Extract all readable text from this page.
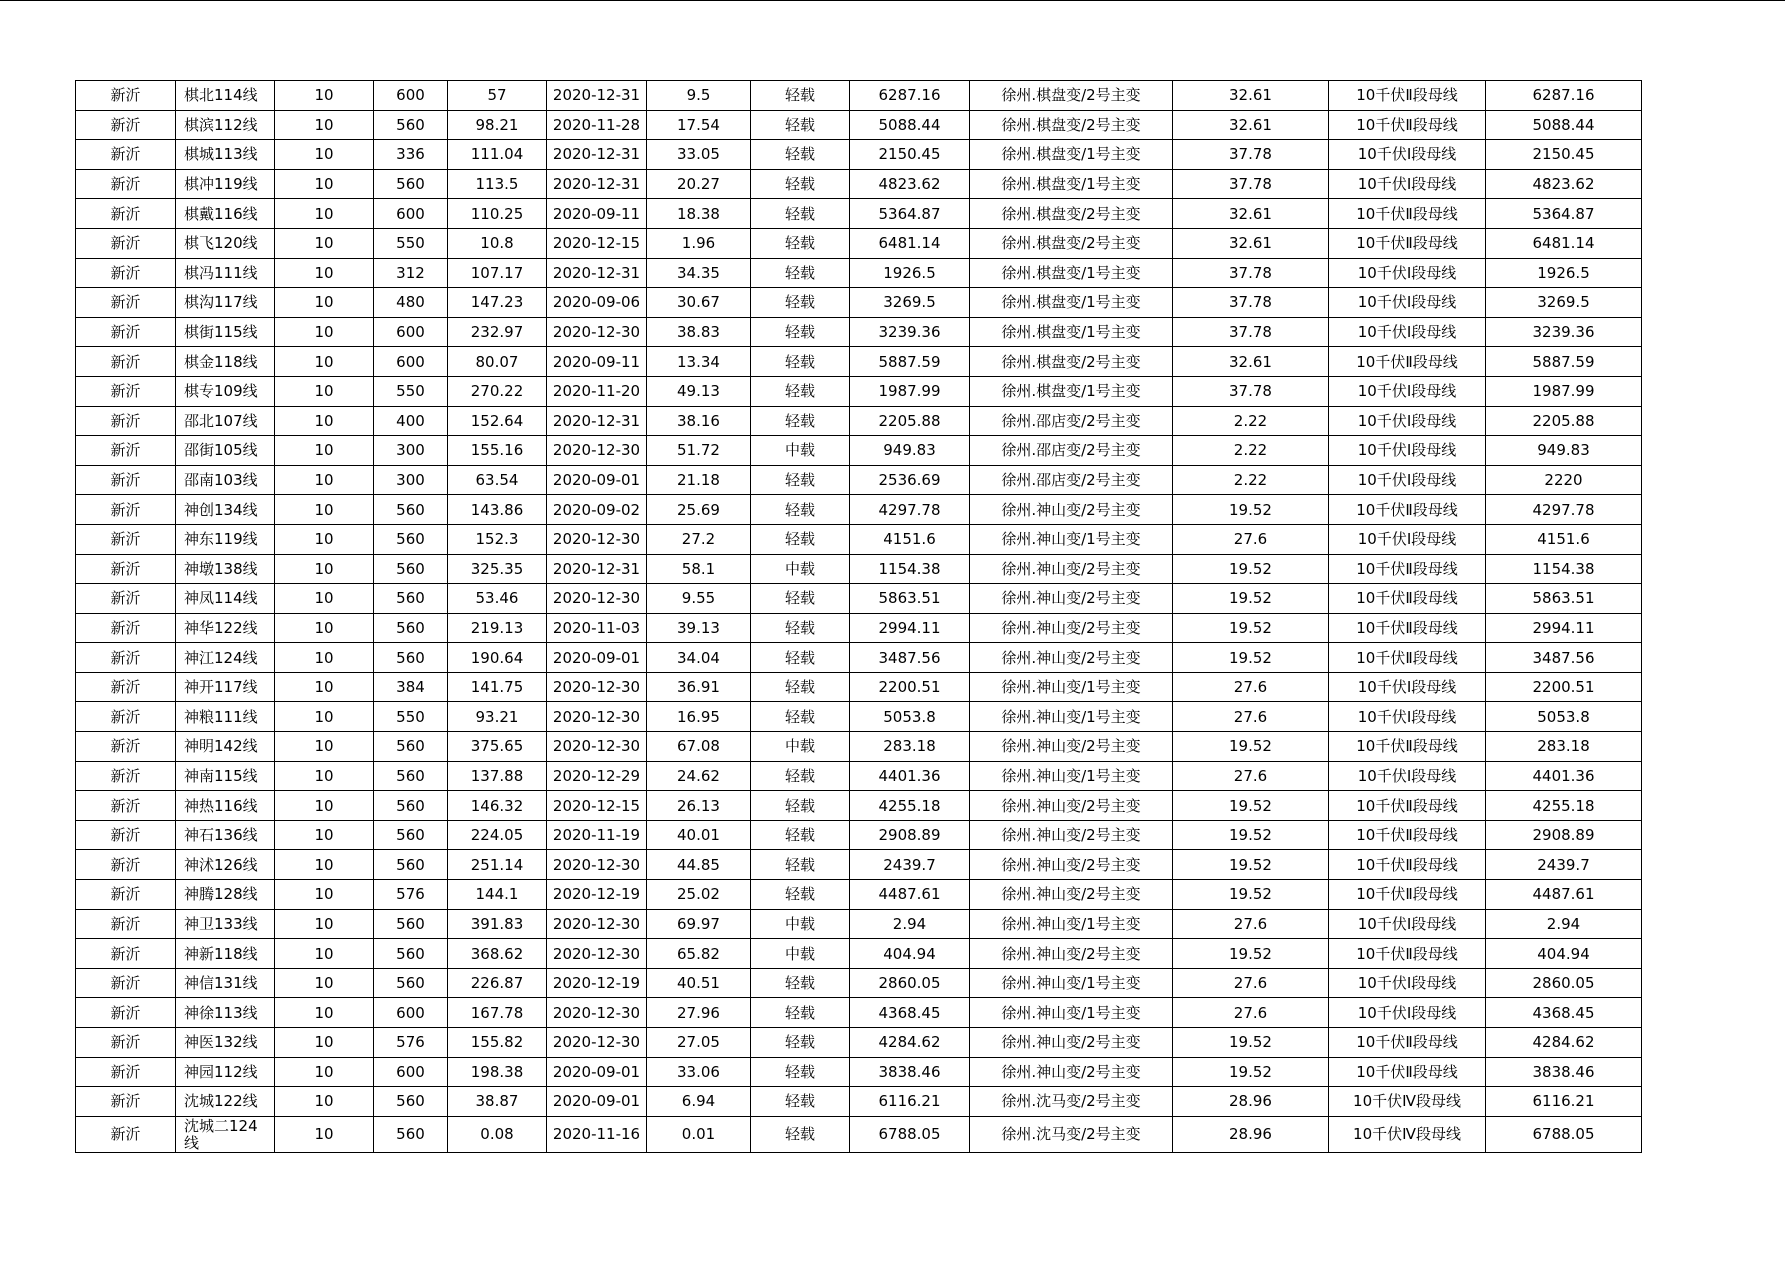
新沂	棋北114线	10	600	57	2020-12-31	9.5	轻载	6287.16	徐州.棋盘变/2号主变	32.61	10千伏Ⅱ段母线	6287.16
新沂	棋滨112线	10	560	98.21	2020-11-28	17.54	轻载	5088.44	徐州.棋盘变/2号主变	32.61	10千伏Ⅱ段母线	5088.44
新沂	棋城113线	10	336	111.04	2020-12-31	33.05	轻载	2150.45	徐州.棋盘变/1号主变	37.78	10千伏Ⅰ段母线	2150.45
新沂	棋冲119线	10	560	113.5	2020-12-31	20.27	轻载	4823.62	徐州.棋盘变/1号主变	37.78	10千伏Ⅰ段母线	4823.62
新沂	棋戴116线	10	600	110.25	2020-09-11	18.38	轻载	5364.87	徐州.棋盘变/2号主变	32.61	10千伏Ⅱ段母线	5364.87
新沂	棋飞120线	10	550	10.8	2020-12-15	1.96	轻载	6481.14	徐州.棋盘变/2号主变	32.61	10千伏Ⅱ段母线	6481.14
新沂	棋冯111线	10	312	107.17	2020-12-31	34.35	轻载	1926.5	徐州.棋盘变/1号主变	37.78	10千伏Ⅰ段母线	1926.5
新沂	棋沟117线	10	480	147.23	2020-09-06	30.67	轻载	3269.5	徐州.棋盘变/1号主变	37.78	10千伏Ⅰ段母线	3269.5
新沂	棋街115线	10	600	232.97	2020-12-30	38.83	轻载	3239.36	徐州.棋盘变/1号主变	37.78	10千伏Ⅰ段母线	3239.36
新沂	棋金118线	10	600	80.07	2020-09-11	13.34	轻载	5887.59	徐州.棋盘变/2号主变	32.61	10千伏Ⅱ段母线	5887.59
新沂	棋专109线	10	550	270.22	2020-11-20	49.13	轻载	1987.99	徐州.棋盘变/1号主变	37.78	10千伏Ⅰ段母线	1987.99
新沂	邵北107线	10	400	152.64	2020-12-31	38.16	轻载	2205.88	徐州.邵店变/2号主变	2.22	10千伏Ⅰ段母线	2205.88
新沂	邵街105线	10	300	155.16	2020-12-30	51.72	中载	949.83	徐州.邵店变/2号主变	2.22	10千伏Ⅰ段母线	949.83
新沂	邵南103线	10	300	63.54	2020-09-01	21.18	轻载	2536.69	徐州.邵店变/2号主变	2.22	10千伏Ⅰ段母线	2220
新沂	神创134线	10	560	143.86	2020-09-02	25.69	轻载	4297.78	徐州.神山变/2号主变	19.52	10千伏Ⅱ段母线	4297.78
新沂	神东119线	10	560	152.3	2020-12-30	27.2	轻载	4151.6	徐州.神山变/1号主变	27.6	10千伏Ⅰ段母线	4151.6
新沂	神墩138线	10	560	325.35	2020-12-31	58.1	中载	1154.38	徐州.神山变/2号主变	19.52	10千伏Ⅱ段母线	1154.38
新沂	神凤114线	10	560	53.46	2020-12-30	9.55	轻载	5863.51	徐州.神山变/2号主变	19.52	10千伏Ⅱ段母线	5863.51
新沂	神华122线	10	560	219.13	2020-11-03	39.13	轻载	2994.11	徐州.神山变/2号主变	19.52	10千伏Ⅱ段母线	2994.11
新沂	神江124线	10	560	190.64	2020-09-01	34.04	轻载	3487.56	徐州.神山变/2号主变	19.52	10千伏Ⅱ段母线	3487.56
新沂	神开117线	10	384	141.75	2020-12-30	36.91	轻载	2200.51	徐州.神山变/1号主变	27.6	10千伏Ⅰ段母线	2200.51
新沂	神粮111线	10	550	93.21	2020-12-30	16.95	轻载	5053.8	徐州.神山变/1号主变	27.6	10千伏Ⅰ段母线	5053.8
新沂	神明142线	10	560	375.65	2020-12-30	67.08	中载	283.18	徐州.神山变/2号主变	19.52	10千伏Ⅱ段母线	283.18
新沂	神南115线	10	560	137.88	2020-12-29	24.62	轻载	4401.36	徐州.神山变/1号主变	27.6	10千伏Ⅰ段母线	4401.36
新沂	神热116线	10	560	146.32	2020-12-15	26.13	轻载	4255.18	徐州.神山变/2号主变	19.52	10千伏Ⅱ段母线	4255.18
新沂	神石136线	10	560	224.05	2020-11-19	40.01	轻载	2908.89	徐州.神山变/2号主变	19.52	10千伏Ⅱ段母线	2908.89
新沂	神沭126线	10	560	251.14	2020-12-30	44.85	轻载	2439.7	徐州.神山变/2号主变	19.52	10千伏Ⅱ段母线	2439.7
新沂	神腾128线	10	576	144.1	2020-12-19	25.02	轻载	4487.61	徐州.神山变/2号主变	19.52	10千伏Ⅱ段母线	4487.61
新沂	神卫133线	10	560	391.83	2020-12-30	69.97	中载	2.94	徐州.神山变/1号主变	27.6	10千伏Ⅰ段母线	2.94
新沂	神新118线	10	560	368.62	2020-12-30	65.82	中载	404.94	徐州.神山变/2号主变	19.52	10千伏Ⅱ段母线	404.94
新沂	神信131线	10	560	226.87	2020-12-19	40.51	轻载	2860.05	徐州.神山变/1号主变	27.6	10千伏Ⅰ段母线	2860.05
新沂	神徐113线	10	600	167.78	2020-12-30	27.96	轻载	4368.45	徐州.神山变/1号主变	27.6	10千伏Ⅰ段母线	4368.45
新沂	神医132线	10	576	155.82	2020-12-30	27.05	轻载	4284.62	徐州.神山变/2号主变	19.52	10千伏Ⅱ段母线	4284.62
新沂	神园112线	10	600	198.38	2020-09-01	33.06	轻载	3838.46	徐州.神山变/2号主变	19.52	10千伏Ⅱ段母线	3838.46
新沂	沈城122线	10	560	38.87	2020-09-01	6.94	轻载	6116.21	徐州.沈马变/2号主变	28.96	10千伏Ⅳ段母线	6116.21
新沂	沈城二124线	10	560	0.08	2020-11-16	0.01	轻载	6788.05	徐州.沈马变/2号主变	28.96	10千伏Ⅳ段母线	6788.05
